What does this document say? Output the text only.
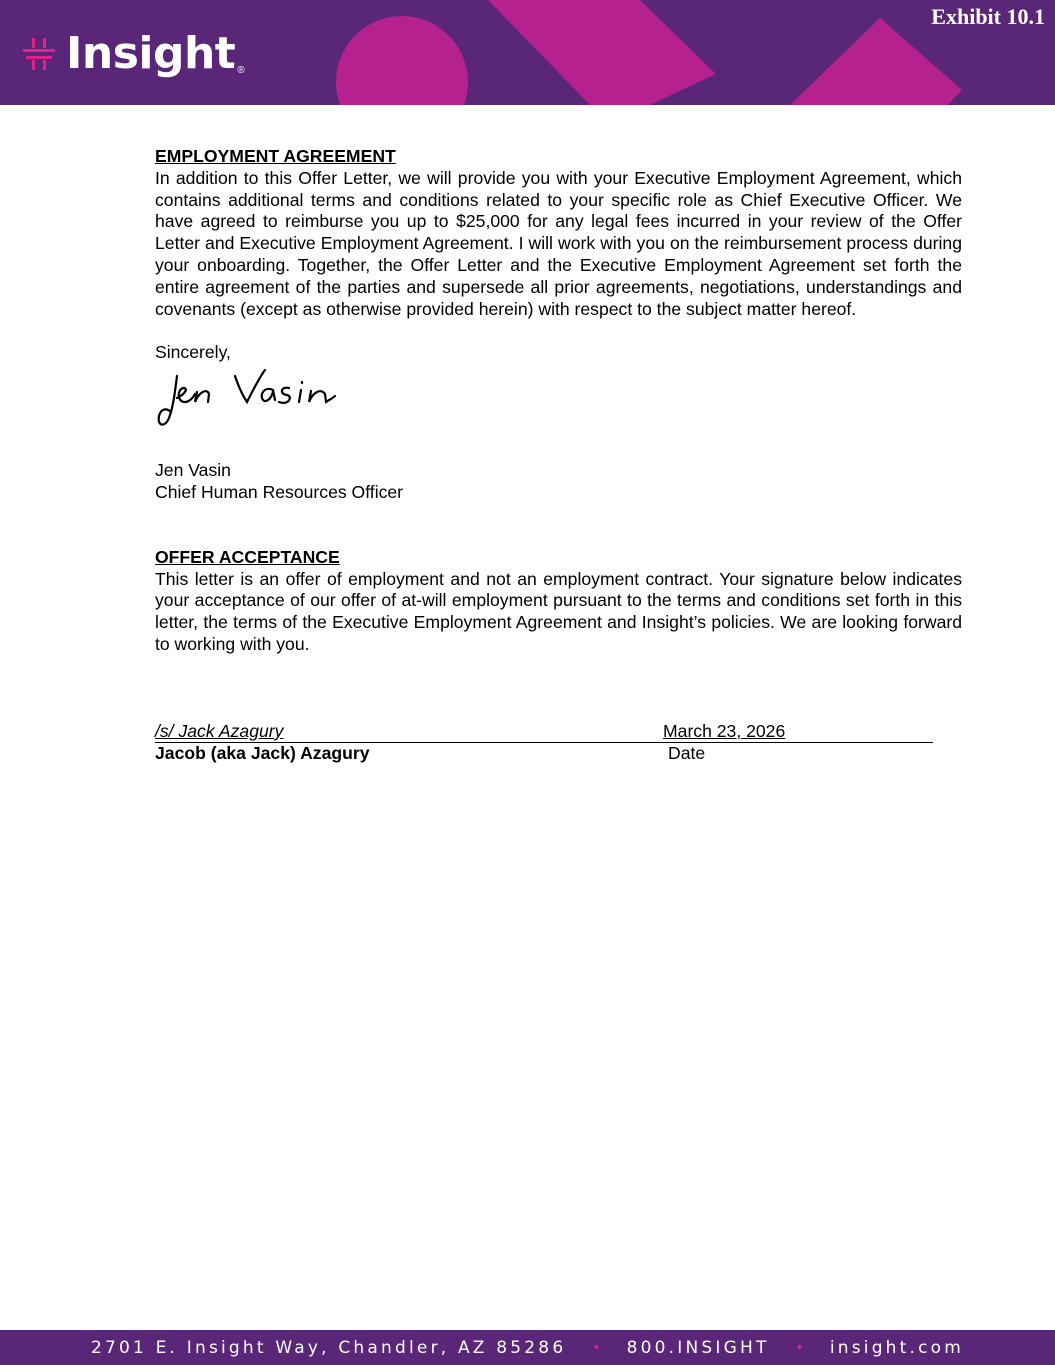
Insight ®
Exhibit 10.1

EMPLOYMENT AGREEMENT

In addition to this Offer Letter, we will provide you with your Executive Employment Agreement, which contains additional terms and conditions related to your specific role as Chief Executive Officer. We have agreed to reimburse you up to $25,000 for any legal fees incurred in your review of the Offer Letter and Executive Employment Agreement. I will work with you on the reimbursement process during your onboarding. Together, the Offer Letter and the Executive Employment Agreement set forth the entire agreement of the parties and supersede all prior agreements, negotiations, understandings and covenants (except as otherwise provided herein) with respect to the subject matter hereof.

Sincerely,

Jen Vasin

Chief Human Resources Officer

OFFER ACCEPTANCE

This letter is an offer of employment and not an employment contract. Your signature below indicates your acceptance of our offer of at-will employment pursuant to the terms and conditions set forth in this letter, the terms of the Executive Employment Agreement and Insight’s policies. We are looking forward to working with you.

/s/ Jack Azagury	March 23, 2026
Jacob (aka Jack) Azagury	Date
2701 E. Insight Way, Chandler, AZ 85286 • 800.INSIGHT • insight.com
